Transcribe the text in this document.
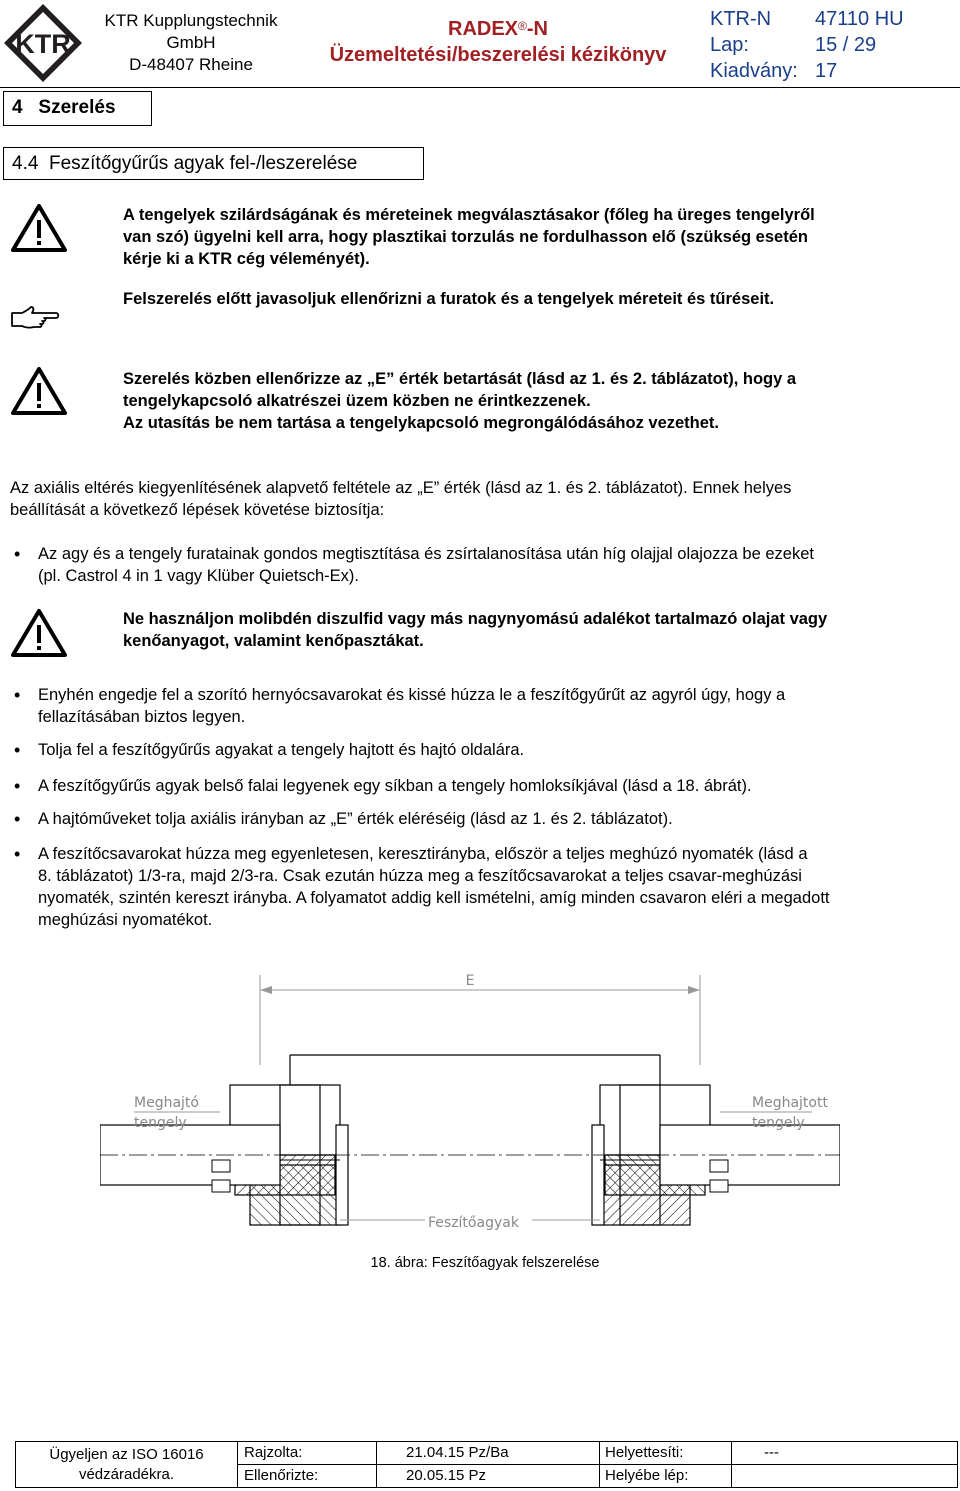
KTR
KTR Kupplungstechnik
GmbH
D-48407 Rheine
RADEX®-N
Üzemeltetési/beszerelési kézikönyv
KTR-N 47110 HU
Lap:	15 / 29
Kiadvány: 17
4 Szerelés
4.4 Feszítőgyűrűs agyak fel-/leszerelése
A tengelyek szilárdságának és méreteinek megválasztásakor (főleg ha üreges tengelyről
van szó) ügyelni kell arra, hogy plasztikai torzulás ne fordulhasson elő (szükség esetén
kérje ki a KTR cég véleményét).
Felszerelés előtt javasoljuk ellenőrizni a furatok és a tengelyek méreteit és tűréseit.
Szerelés közben ellenőrizze az „E” érték betartását (lásd az 1. és 2. táblázatot), hogy a
tengelykapcsoló alkatrészei üzem közben ne érintkezzenek.
Az utasítás be nem tartása a tengelykapcsoló megrongálódásához vezethet.
Az axiális eltérés kiegyenlítésének alapvető feltétele az „E” érték (lásd az 1. és 2. táblázatot). Ennek helyes
beállítását a következő lépések követése biztosítja:
• Az agy és a tengely furatainak gondos megtisztítása és zsírtalanosítása után híg olajjal olajozza be ezeket
(pl. Castrol 4 in 1 vagy Klüber Quietsch-Ex).
Ne használjon molibdén diszulfid vagy más nagynyomású adalékot tartalmazó olajat vagy
kenőanyagot, valamint kenőpasztákat.
• Enyhén engedje fel a szorító hernyócsavarokat és kissé húzza le a feszítőgyűrűt az agyról úgy, hogy a
fellazításában biztos legyen.
• Tolja fel a feszítőgyűrűs agyakat a tengely hajtott és hajtó oldalára.
• A feszítőgyűrűs agyak belső falai legyenek egy síkban a tengely homloksíkjával (lásd a 18. ábrát).
• A hajtóműveket tolja axiális irányban az „E” érték eléréséig (lásd az 1. és 2. táblázatot).
• A feszítőcsavarokat húzza meg egyenletesen, keresztirányba, először a teljes meghúzó nyomaték (lásd a
8. táblázatot) 1/3-ra, majd 2/3-ra. Csak ezután húzza meg a feszítőcsavarokat a teljes csavar-meghúzási
nyomaték, szintén kereszt irányba. A folyamatot addig kell ismételni, amíg minden csavaron eléri a megadott
meghúzási nyomatékot.
E
Meghajtó
tengely
Meghajtott
tengely
Feszítőagyak
18. ábra: Feszítőagyak felszerelése
Ügyeljen az ISO 16016
védzáradékra.
Rajzolta:	21.04.15 Pz/Ba	Helyettesíti:	---
Ellenőrizte:	20.05.15 Pz	Helyébe lép:
